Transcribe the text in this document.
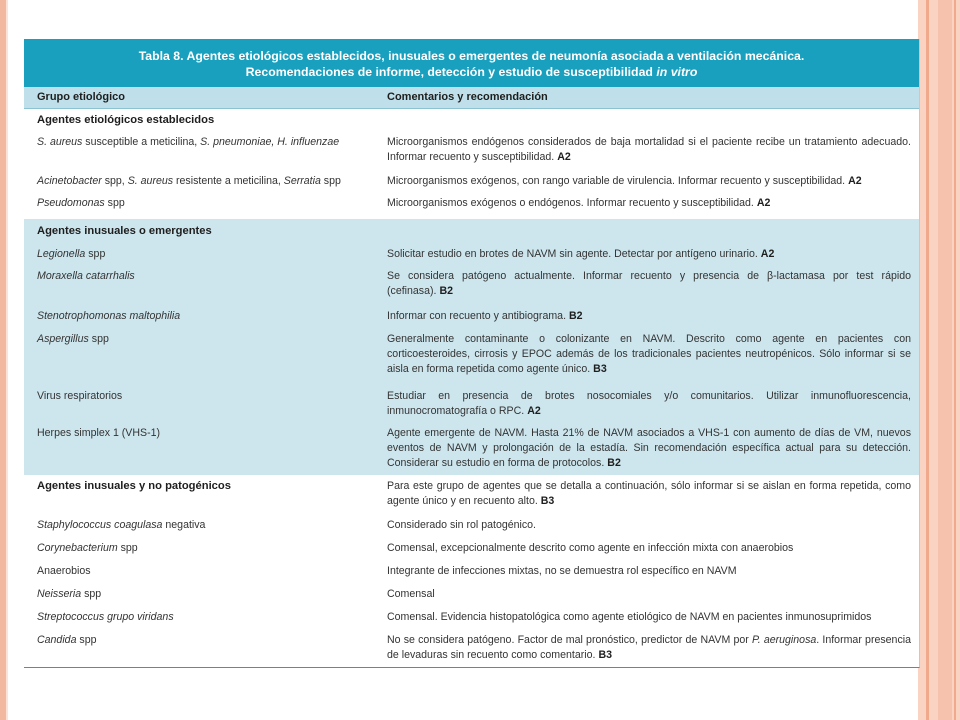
Tabla 8. Agentes etiológicos establecidos, inusuales o emergentes de neumonía asociada a ventilación mecánica.
Recomendaciones de informe, detección y estudio de susceptibilidad in vitro
Grupo etiológico	Comentarios y recomendación
Agentes etiológicos establecidos
S. aureus susceptible a meticilina, S. pneumoniae, H. influenzae	Microorganismos endógenos considerados de baja mortalidad si el paciente recibe un tratamiento adecuado. Informar recuento y susceptibilidad. A2
Acinetobacter spp, S. aureus resistente a meticilina, Serratia spp	Microorganismos exógenos, con rango variable de virulencia. Informar recuento y susceptibilidad. A2
Pseudomonas spp	Microorganismos exógenos o endógenos. Informar recuento y susceptibilidad. A2
Agentes inusuales o emergentes
Legionella spp	Solicitar estudio en brotes de NAVM sin agente. Detectar por antígeno urinario. A2
Moraxella catarrhalis	Se considera patógeno actualmente. Informar recuento y presencia de β-lactamasa por test rápido (cefinasa). B2
Stenotrophomonas maltophilia	Informar con recuento y antibiograma. B2
Aspergillus spp	Generalmente contaminante o colonizante en NAVM. Descrito como agente en pacientes con corticoesteroides, cirrosis y EPOC además de los tradicionales pacientes neutropénicos. Sólo informar si se aisla en forma repetida como agente único. B3
Virus respiratorios	Estudiar en presencia de brotes nosocomiales y/o comunitarios. Utilizar inmunofluorescencia, inmunocromatografía o RPC. A2
Herpes simplex 1 (VHS-1)	Agente emergente de NAVM. Hasta 21% de NAVM asociados a VHS-1 con aumento de días de VM, nuevos eventos de NAVM y prolongación de la estadía. Sin recomendación específica actual para su detección. Considerar su estudio en forma de protocolos. B2
Agentes inusuales y no patogénicos	Para este grupo de agentes que se detalla a continuación, sólo informar si se aislan en forma repetida, como agente único y en recuento alto. B3
Staphylococcus coagulasa negativa	Considerado sin rol patogénico.
Corynebacterium spp	Comensal, excepcionalmente descrito como agente en infección mixta con anaerobios
Anaerobios	Integrante de infecciones mixtas, no se demuestra rol específico en NAVM
Neisseria spp	Comensal
Streptococcus grupo viridans	Comensal. Evidencia histopatológica como agente etiológico de NAVM en pacientes inmunosuprimidos
Candida spp	No se considera patógeno. Factor de mal pronóstico, predictor de NAVM por P. aeruginosa. Informar presencia de levaduras sin recuento como comentario. B3
